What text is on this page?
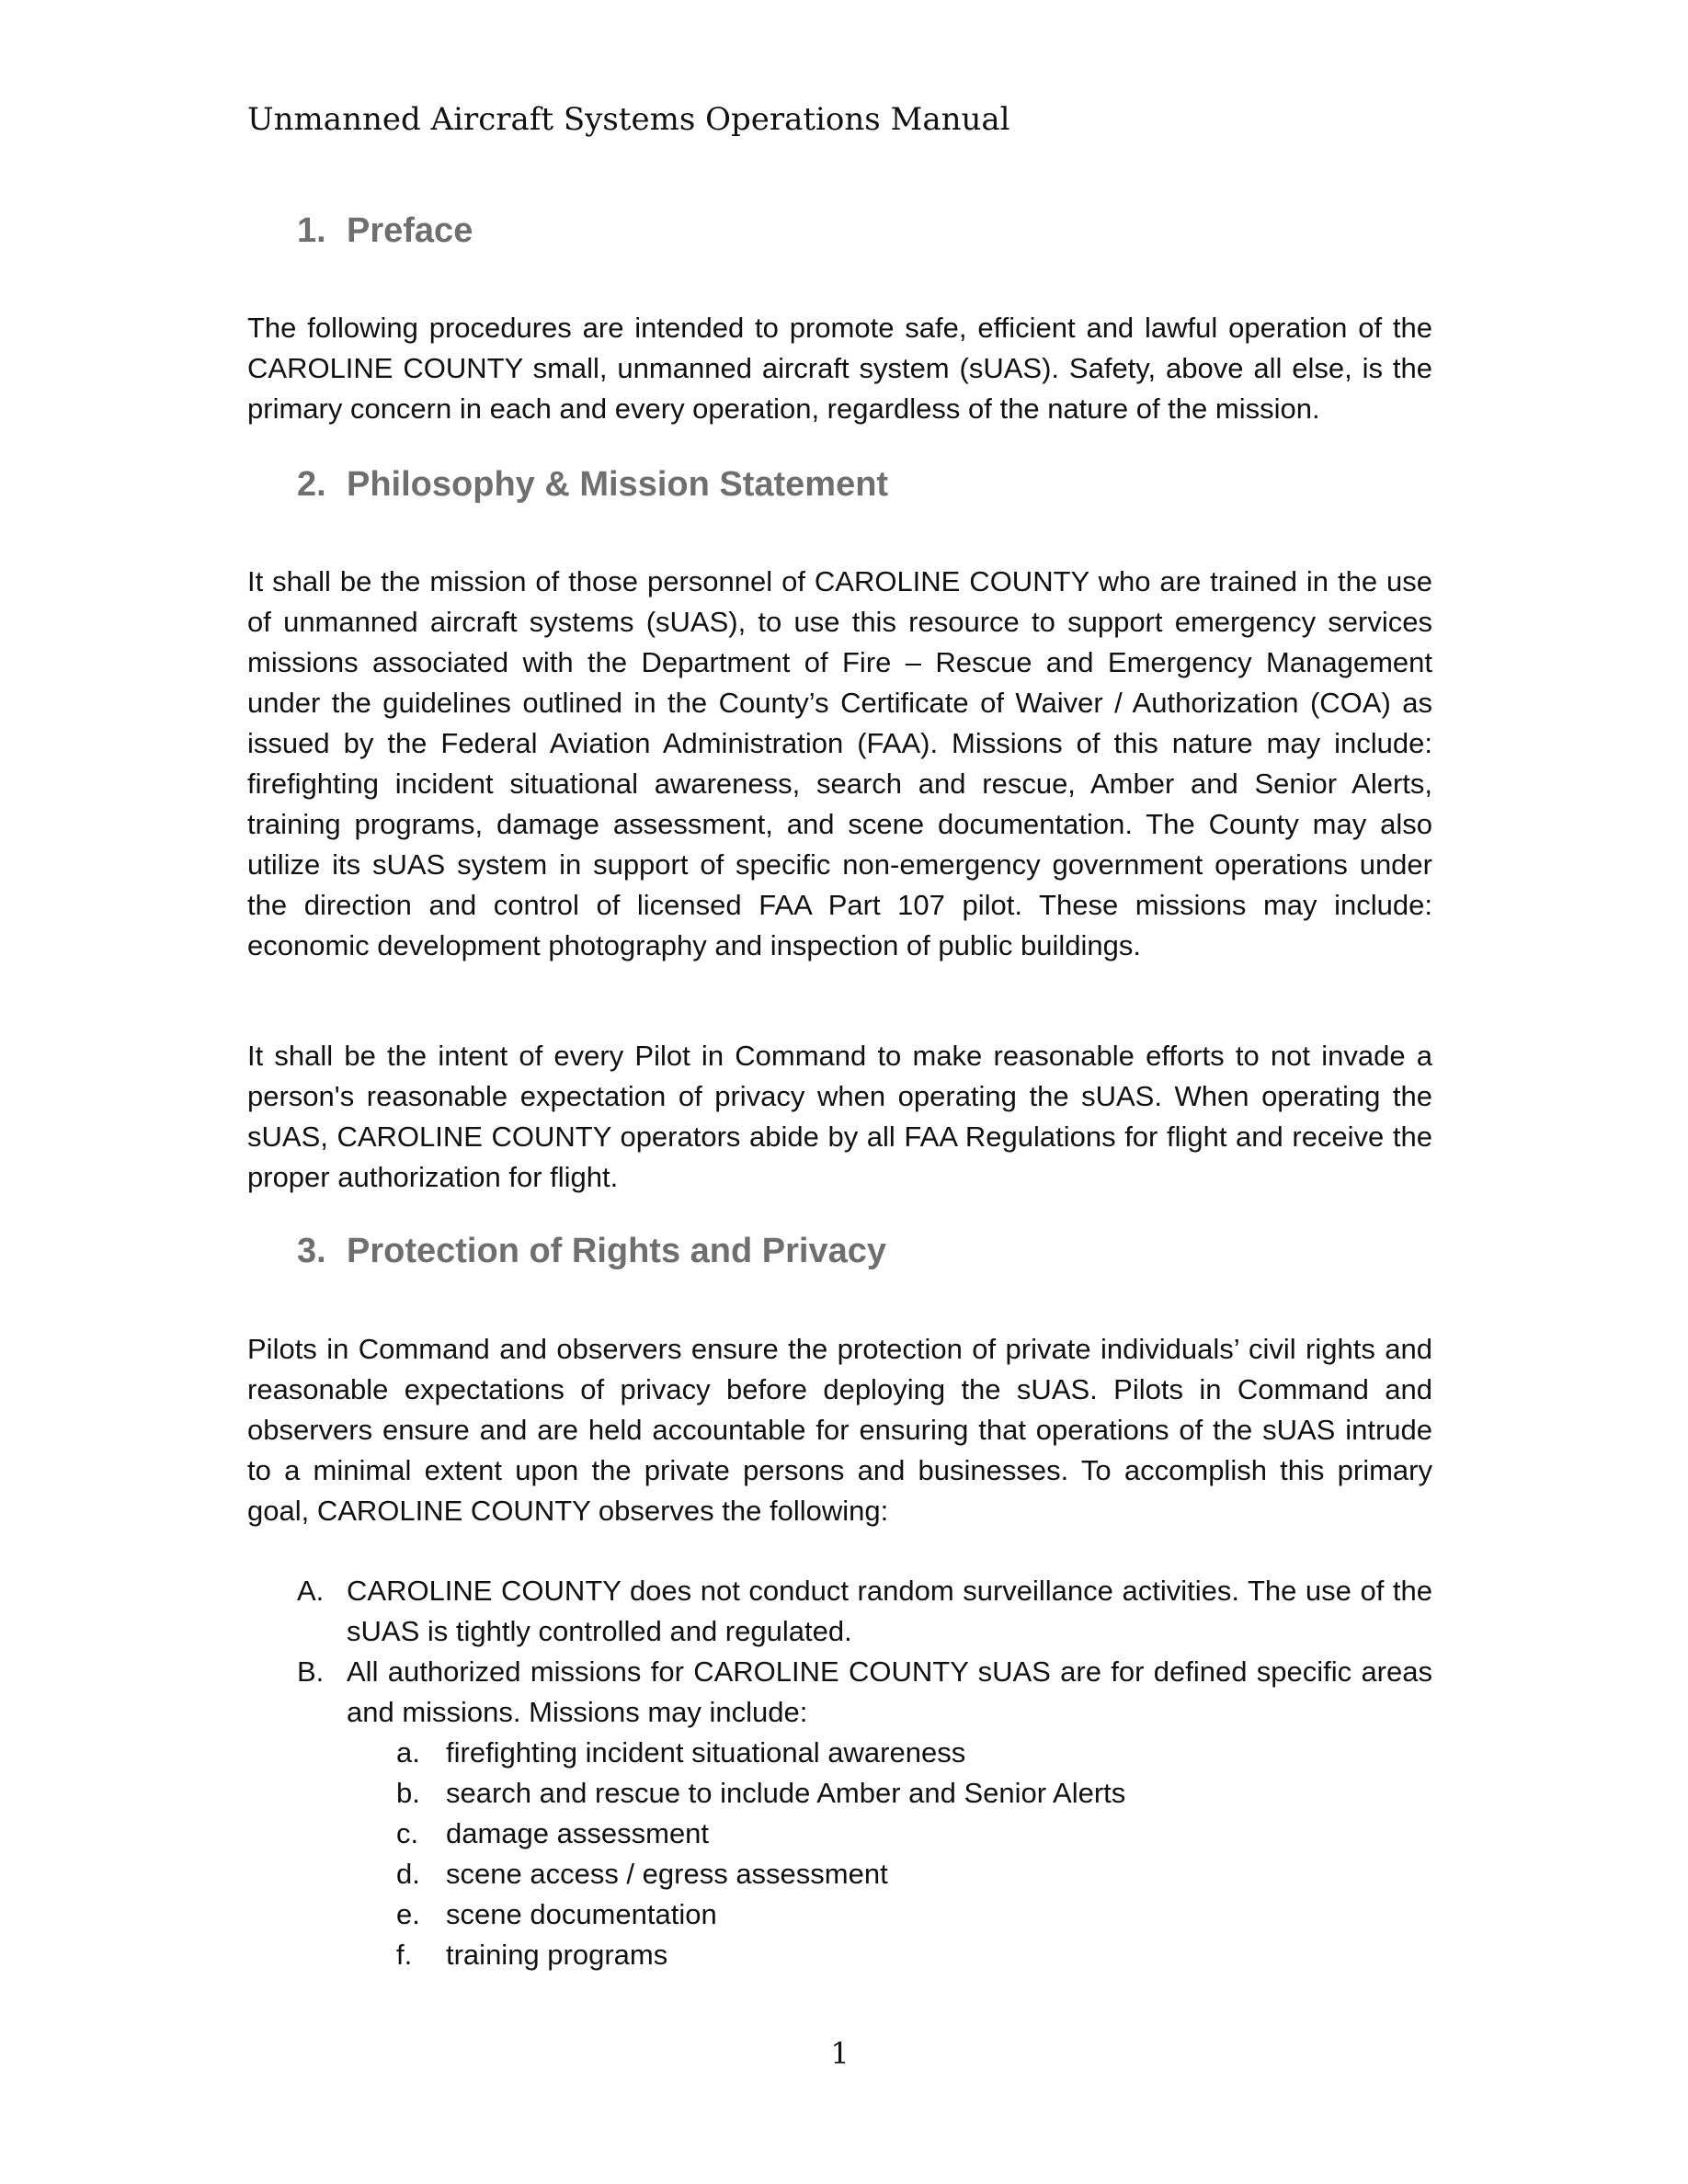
Unmanned Aircraft Systems Operations Manual
1. Preface

The following procedures are intended to promote safe, efficient and lawful operation of the CAROLINE COUNTY small, unmanned aircraft system (sUAS). Safety, above all else, is the primary concern in each and every operation, regardless of the nature of the mission.

2. Philosophy & Mission Statement

It shall be the mission of those personnel of CAROLINE COUNTY who are trained in the use of unmanned aircraft systems (sUAS), to use this resource to support emergency services missions associated with the Department of Fire – Rescue and Emergency Management under the guidelines outlined in the County’s Certificate of Waiver / Authorization (COA) as issued by the Federal Aviation Administration (FAA). Missions of this nature may include: firefighting incident situational awareness, search and rescue, Amber and Senior Alerts, training programs, damage assessment, and scene documentation. The County may also utilize its sUAS system in support of specific non-emergency government operations under the direction and control of licensed FAA Part 107 pilot. These missions may include: economic development photography and inspection of public buildings.

It shall be the intent of every Pilot in Command to make reasonable efforts to not invade a person's reasonable expectation of privacy when operating the sUAS. When operating the sUAS, CAROLINE COUNTY operators abide by all FAA Regulations for flight and receive the proper authorization for flight.

3. Protection of Rights and Privacy

Pilots in Command and observers ensure the protection of private individuals’ civil rights and reasonable expectations of privacy before deploying the sUAS. Pilots in Command and observers ensure and are held accountable for ensuring that operations of the sUAS intrude to a minimal extent upon the private persons and businesses. To accomplish this primary goal, CAROLINE COUNTY observes the following:

A. CAROLINE COUNTY does not conduct random surveillance activities. The use of the sUAS is tightly controlled and regulated.
B. All authorized missions for CAROLINE COUNTY sUAS are for defined specific areas and missions. Missions may include:
a. firefighting incident situational awareness
b. search and rescue to include Amber and Senior Alerts
c. damage assessment
d. scene access / egress assessment
e. scene documentation
f. training programs
1
